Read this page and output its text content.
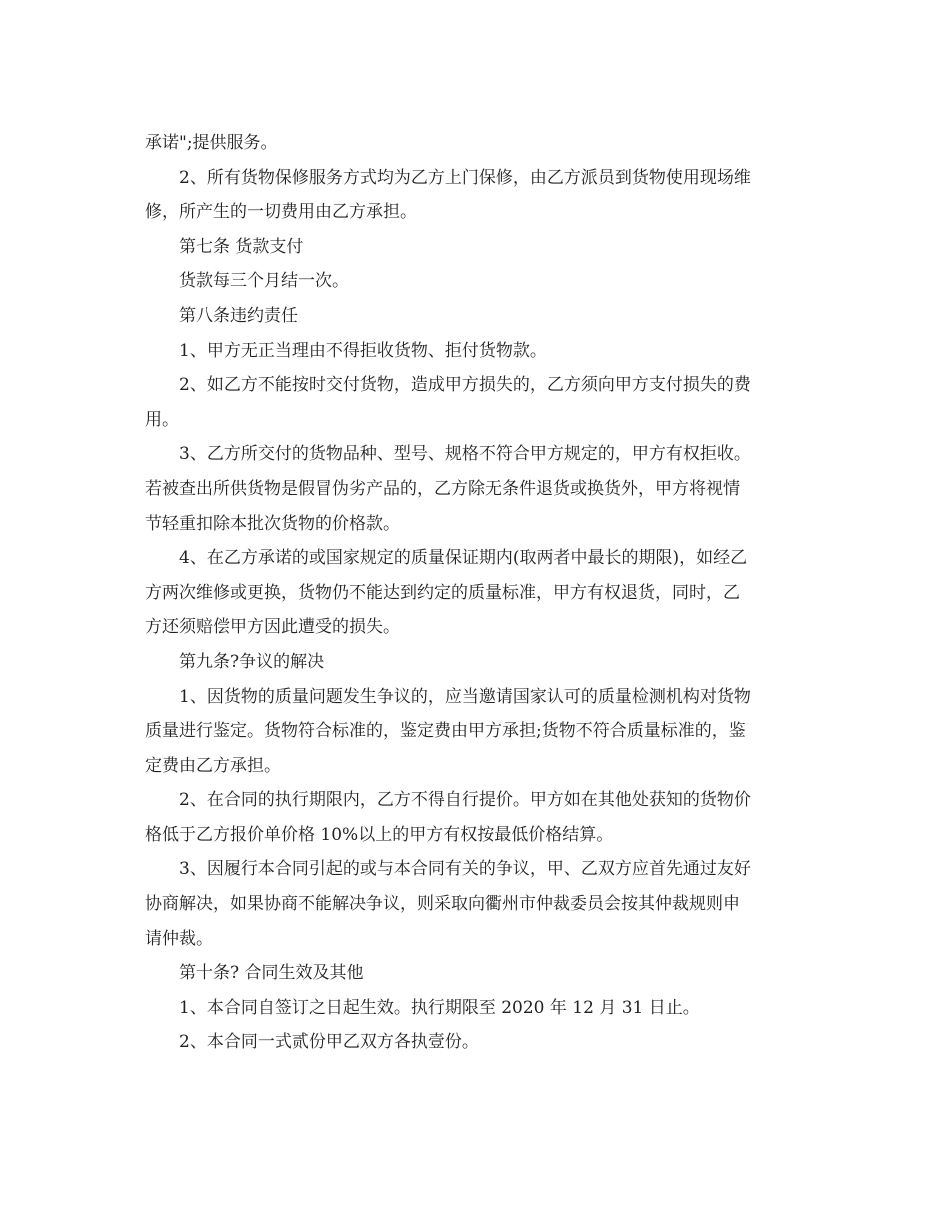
承诺";提供服务。
2、所有货物保修服务方式均为乙方上门保修，由乙方派员到货物使用现场维
修，所产生的一切费用由乙方承担。
第七条 货款支付
货款每三个月结一次。
第八条违约责任
1、甲方无正当理由不得拒收货物、拒付货物款。
2、如乙方不能按时交付货物，造成甲方损失的，乙方须向甲方支付损失的费
用。
3、乙方所交付的货物品种、型号、规格不符合甲方规定的，甲方有权拒收。
若被查出所供货物是假冒伪劣产品的，乙方除无条件退货或换货外，甲方将视情
节轻重扣除本批次货物的价格款。
4、在乙方承诺的或国家规定的质量保证期内(取两者中最长的期限)，如经乙
方两次维修或更换，货物仍不能达到约定的质量标准，甲方有权退货，同时，乙
方还须赔偿甲方因此遭受的损失。
第九条?争议的解决
1、因货物的质量问题发生争议的，应当邀请国家认可的质量检测机构对货物
质量进行鉴定。货物符合标准的，鉴定费由甲方承担;货物不符合质量标准的，鉴
定费由乙方承担。
2、在合同的执行期限内，乙方不得自行提价。甲方如在其他处获知的货物价
格低于乙方报价单价格 10%以上的甲方有权按最低价格结算。
3、因履行本合同引起的或与本合同有关的争议，甲、乙双方应首先通过友好
协商解决，如果协商不能解决争议，则采取向衢州市仲裁委员会按其仲裁规则申
请仲裁。
第十条? 合同生效及其他
1、本合同自签订之日起生效。执行期限至 2020 年 12 月 31 日止。
2、本合同一式贰份甲乙双方各执壹份。
